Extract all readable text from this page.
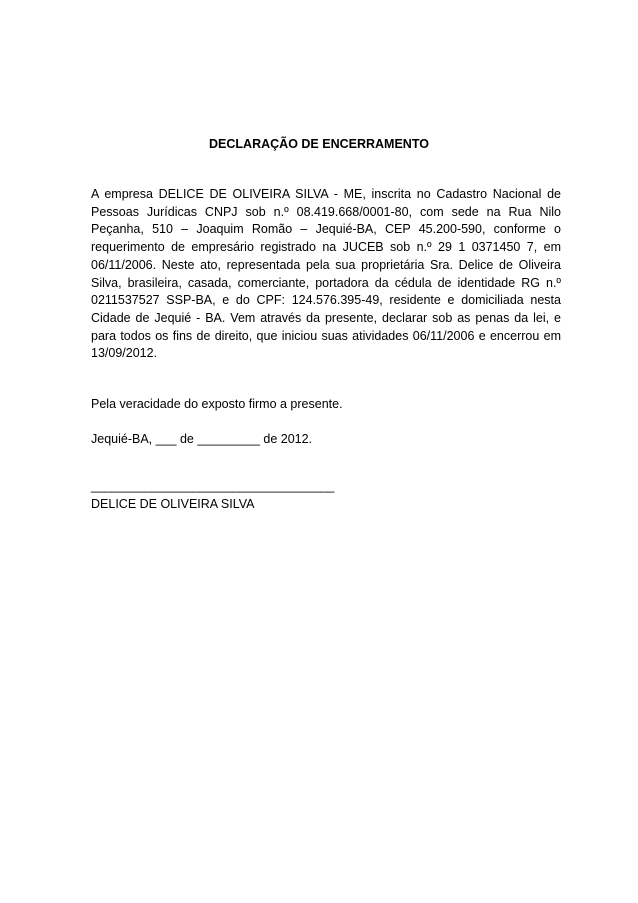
DECLARAÇÃO DE ENCERRAMENTO

A empresa DELICE DE OLIVEIRA SILVA - ME, inscrita no Cadastro Nacional de Pessoas Jurídicas CNPJ sob n.º 08.419.668/0001-80, com sede na Rua Nilo Peçanha, 510 – Joaquim Romão – Jequié-BA, CEP 45.200-590, conforme o requerimento de empresário registrado na JUCEB sob n.º 29 1 0371450 7, em 06/11/2006. Neste ato, representada pela sua proprietária Sra. Delice de Oliveira Silva, brasileira, casada, comerciante, portadora da cédula de identidade RG n.º 0211537527 SSP-BA, e do CPF: 124.576.395-49, residente e domiciliada nesta Cidade de Jequié - BA. Vem através da presente, declarar sob as penas da lei, e para todos os fins de direito, que iniciou suas atividades 06/11/2006 e encerrou em 13/09/2012.

Pela veracidade do exposto firmo a presente.

Jequié-BA, ___ de _________ de 2012.

____________________________________
DELICE DE OLIVEIRA SILVA
